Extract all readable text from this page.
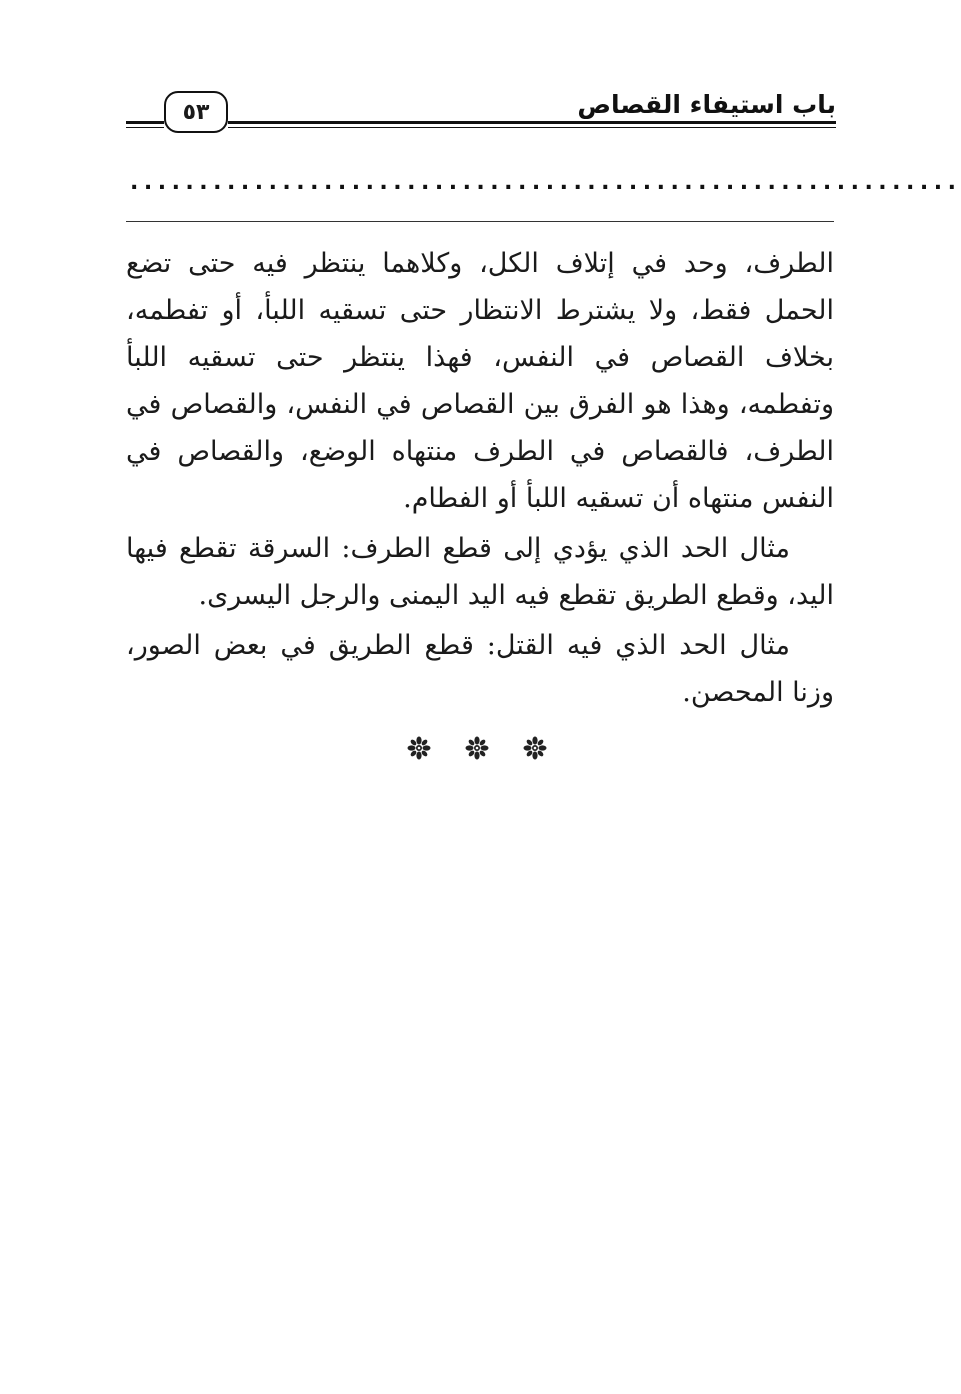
٥٣	باب استيفاء القصاص
............................................................

الطرف، وحد في إتلاف الكل، وكلاهما ينتظر فيه حتى تضع الحمل فقط، ولا يشترط الانتظار حتى تسقيه اللبأ، أو تفطمه، بخلاف القصاص في النفس، فهذا ينتظر حتى تسقيه اللبأ وتفطمه، وهذا هو الفرق بين القصاص في النفس، والقصاص في الطرف، فالقصاص في الطرف منتهاه الوضع، والقصاص في النفس منتهاه أن تسقيه اللبأ أو الفطام.

مثال الحد الذي يؤدي إلى قطع الطرف: السرقة تقطع فيها اليد، وقطع الطريق تقطع فيه اليد اليمنى والرجل اليسرى.

مثال الحد الذي فيه القتل: قطع الطريق في بعض الصور، وزنا المحصن.
